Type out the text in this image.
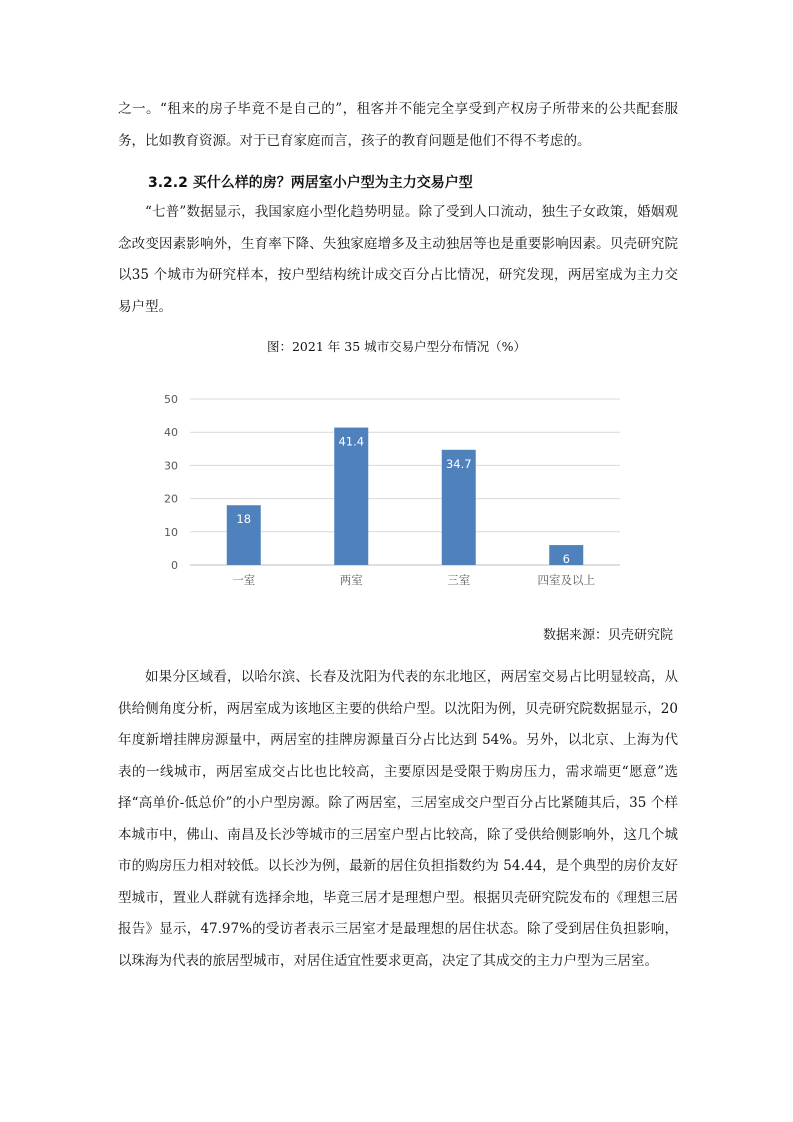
之一。“租来的房子毕竟不是自己的”，租客并不能完全享受到产权房子所带来的公共配套服务，比如教育资源。对于已育家庭而言，孩子的教育问题是他们不得不考虑的。

3.2.2 买什么样的房？两居室小户型为主力交易户型

“七普”数据显示，我国家庭小型化趋势明显。除了受到人口流动，独生子女政策，婚姻观念改变因素影响外，生育率下降、失独家庭增多及主动独居等也是重要影响因素。贝壳研究院以35 个城市为研究样本，按户型结构统计成交百分占比情况，研究发现，两居室成为主力交易户型。

图：2021 年 35 城市交易户型分布情况（%）

0
10
20
30
40
50
18
41.4
34.7
6
一室	两室	三室	四室及以上

数据来源：贝壳研究院

如果分区域看，以哈尔滨、长春及沈阳为代表的东北地区，两居室交易占比明显较高，从供给侧角度分析，两居室成为该地区主要的供给户型。以沈阳为例，贝壳研究院数据显示，20 年度新增挂牌房源量中，两居室的挂牌房源量百分占比达到 54%。另外，以北京、上海为代表的一线城市，两居室成交占比也比较高，主要原因是受限于购房压力，需求端更“愿意”选择“高单价-低总价”的小户型房源。除了两居室，三居室成交户型百分占比紧随其后，35 个样本城市中，佛山、南昌及长沙等城市的三居室户型占比较高，除了受供给侧影响外，这几个城市的购房压力相对较低。以长沙为例，最新的居住负担指数约为 54.44，是个典型的房价友好型城市，置业人群就有选择余地，毕竟三居才是理想户型。根据贝壳研究院发布的《理想三居报告》显示，47.97%的受访者表示三居室才是最理想的居住状态。除了受到居住负担影响，以珠海为代表的旅居型城市，对居住适宜性要求更高，决定了其成交的主力户型为三居室。
